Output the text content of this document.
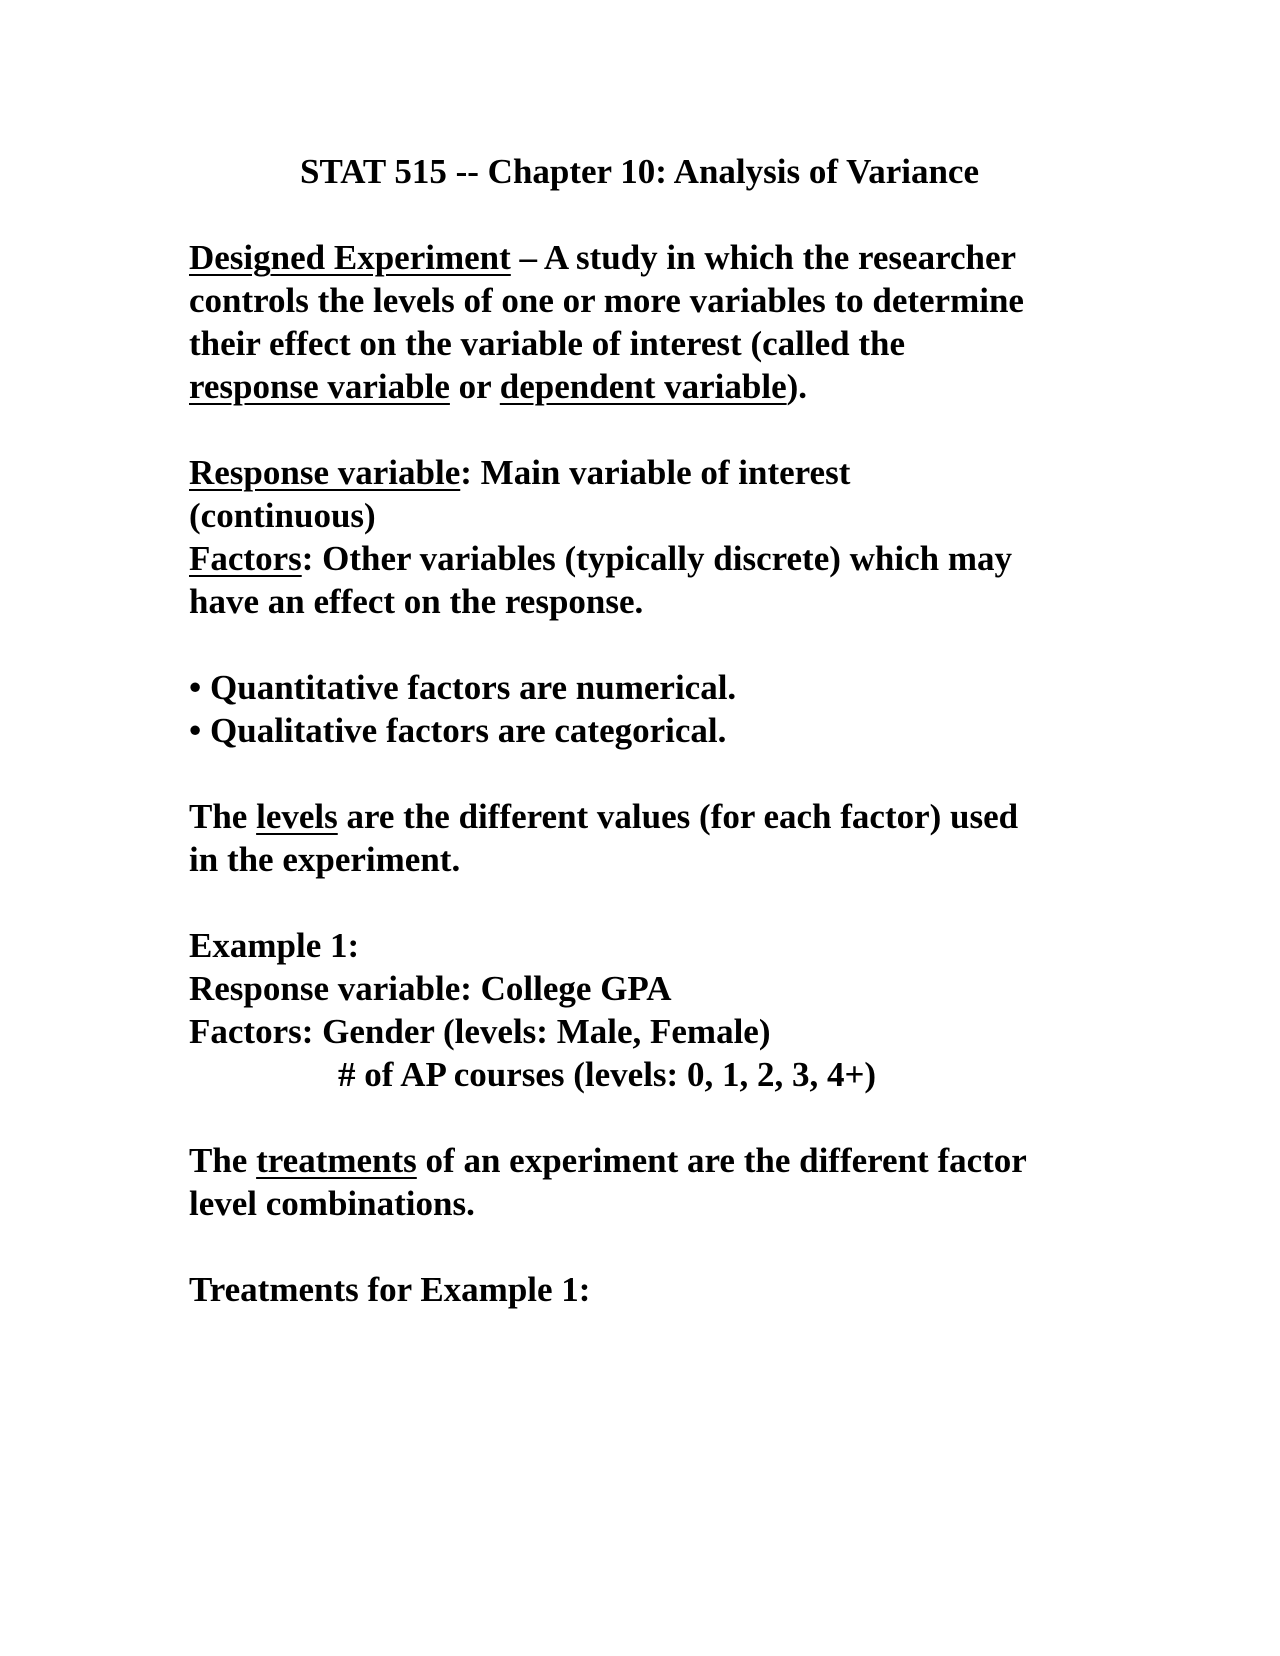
STAT 515 -- Chapter 10: Analysis of Variance
Designed Experiment – A study in which the researcher
controls the levels of one or more variables to determine
their effect on the variable of interest (called the
response variable or dependent variable).
Response variable: Main variable of interest
(continuous)
Factors: Other variables (typically discrete) which may
have an effect on the response.
• Quantitative factors are numerical.
• Qualitative factors are categorical.
The levels are the different values (for each factor) used
in the experiment.
Example 1:
Response variable: College GPA
Factors: Gender (levels: Male, Female)
# of AP courses (levels: 0, 1, 2, 3, 4+)
The treatments of an experiment are the different factor
level combinations.
Treatments for Example 1:
